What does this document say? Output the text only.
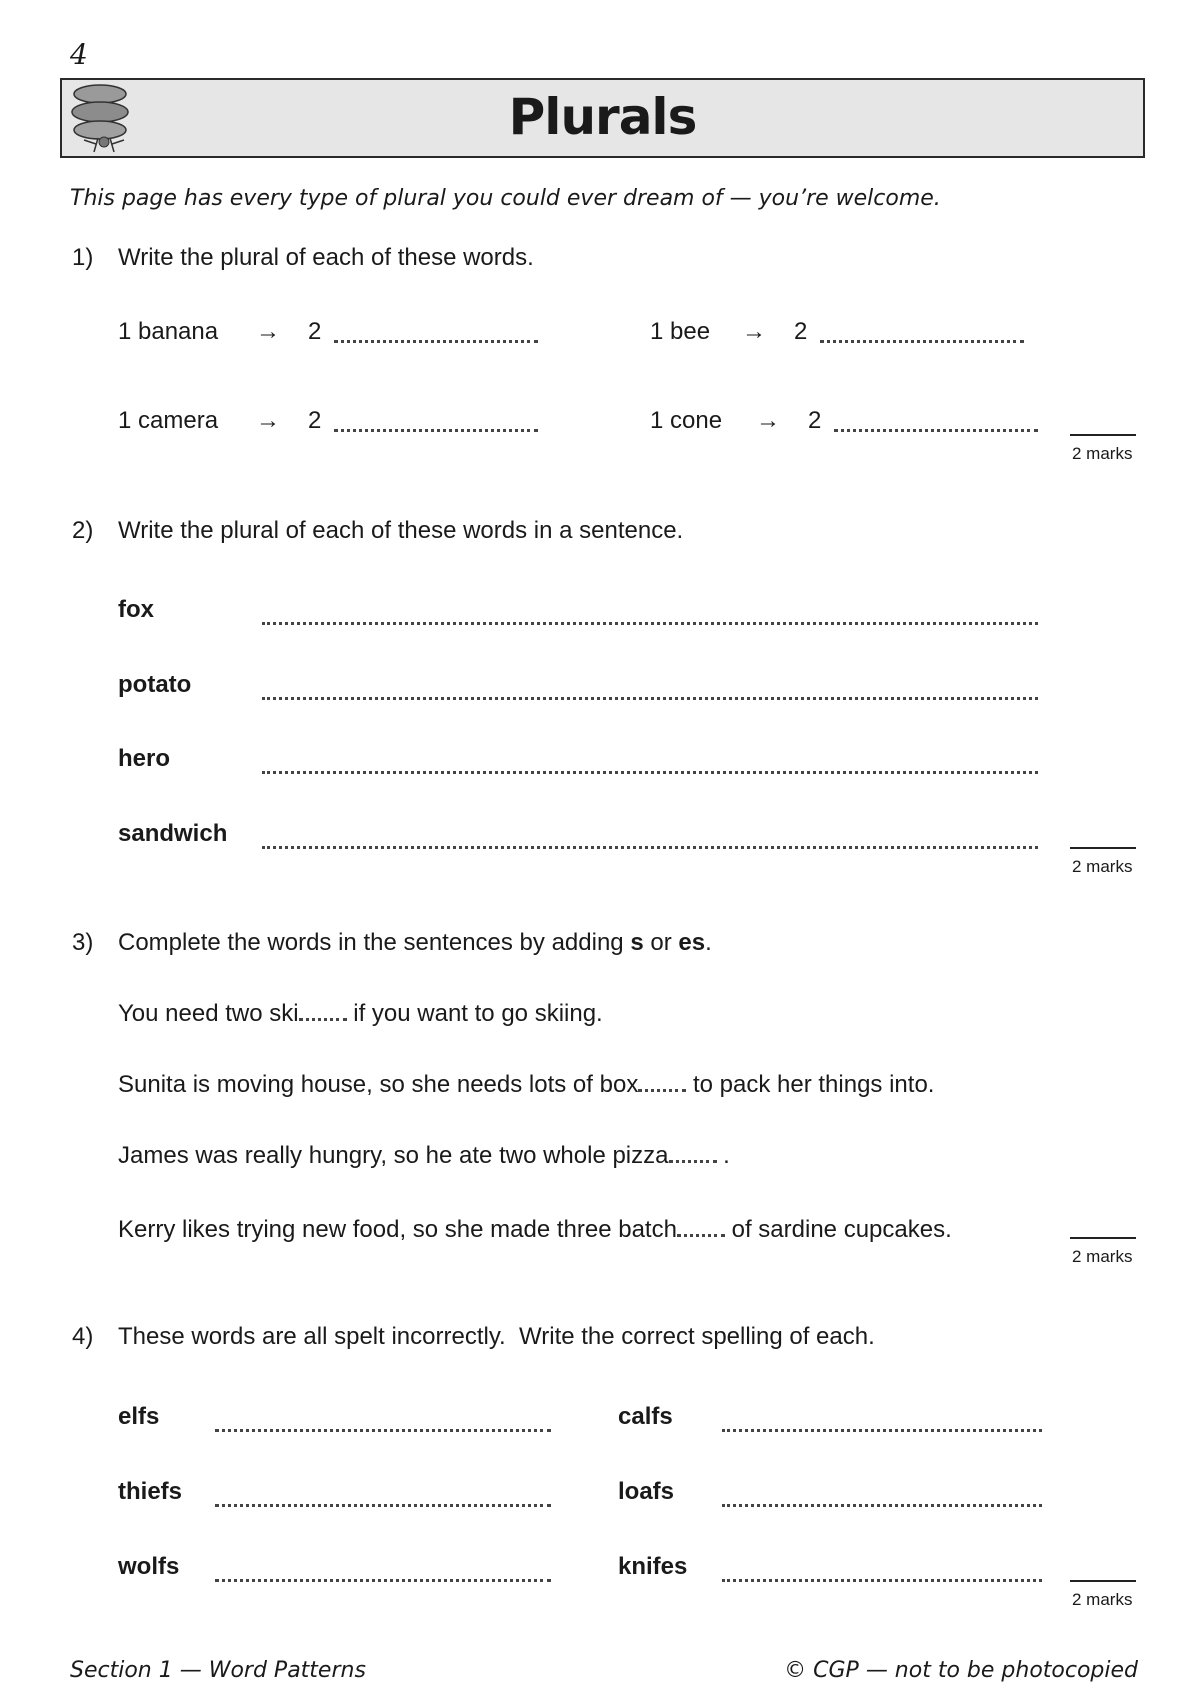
4
Plurals
This page has every type of plural you could ever dream of — you’re welcome.
1) Write the plural of each of these words.
1 banana → 2	1 bee → 2
1 camera → 2	1 cone → 2
2 marks
2) Write the plural of each of these words in a sentence.
fox
potato
hero
sandwich
2 marks
3) Complete the words in the sentences by adding s or es.
You need two ski if you want to go skiing.
Sunita is moving house, so she needs lots of box to pack her things into.
James was really hungry, so he ate two whole pizza .
Kerry likes trying new food, so she made three batch of sardine cupcakes.
2 marks
4) These words are all spelt incorrectly.  Write the correct spelling of each.
elfs	calfs
thiefs	loafs
wolfs	knifes
2 marks
Section 1 — Word Patterns	© CGP — not to be photocopied
